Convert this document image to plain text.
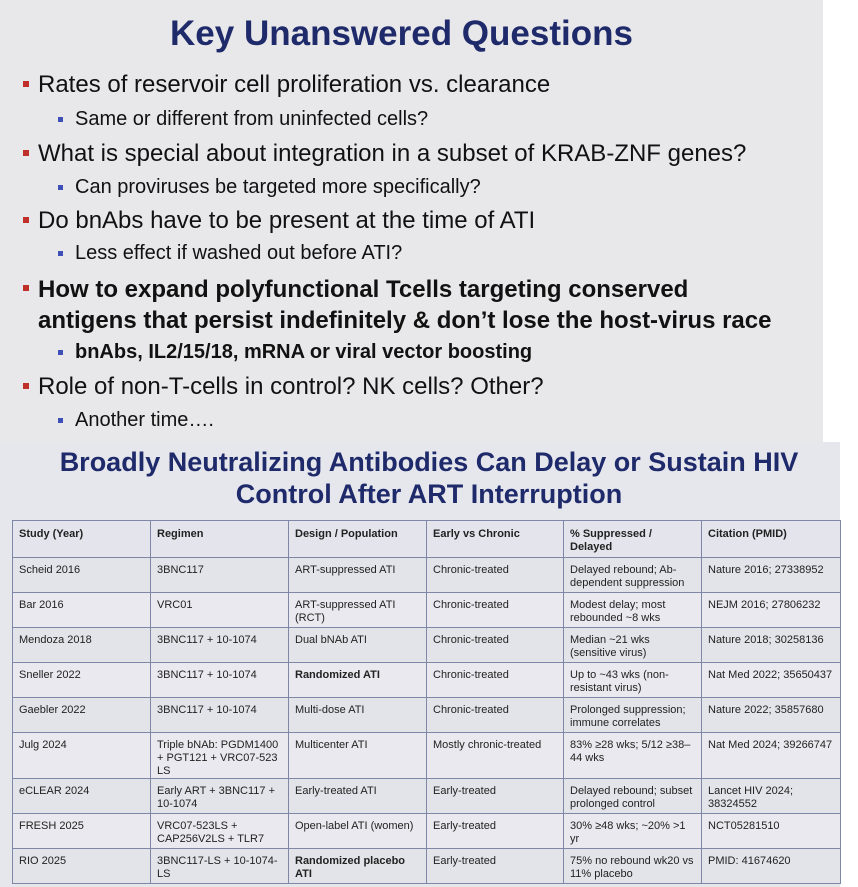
Key Unanswered Questions
Rates of reservoir cell proliferation vs. clearance
Same or different from uninfected cells?
What is special about integration in a subset of KRAB-ZNF genes?
Can proviruses be targeted more specifically?
Do bnAbs have to be present at the time of ATI
Less effect if washed out before ATI?
How to expand polyfunctional Tcells targeting conserved
antigens that persist indefinitely & don’t lose the host-virus race
bnAbs, IL2/15/18, mRNA or viral vector boosting
Role of non-T-cells in control? NK cells? Other?
Another time….
Broadly Neutralizing Antibodies Can Delay or Sustain HIV
Control After ART Interruption
Study (Year)	Regimen	Design / Population	Early vs Chronic	% Suppressed / Delayed	Citation (PMID)
Scheid 2016	3BNC117	ART-suppressed ATI	Chronic-treated	Delayed rebound; Ab-dependent suppression	Nature 2016; 27338952
Bar 2016	VRC01	ART-suppressed ATI (RCT)	Chronic-treated	Modest delay; most rebounded ~8 wks	NEJM 2016; 27806232
Mendoza 2018	3BNC117 + 10-1074	Dual bNAb ATI	Chronic-treated	Median ~21 wks (sensitive virus)	Nature 2018; 30258136
Sneller 2022	3BNC117 + 10-1074	Randomized ATI	Chronic-treated	Up to ~43 wks (non-resistant virus)	Nat Med 2022; 35650437
Gaebler 2022	3BNC117 + 10-1074	Multi-dose ATI	Chronic-treated	Prolonged suppression; immune correlates	Nature 2022; 35857680
Julg 2024	Triple bNAb: PGDM1400 + PGT121 + VRC07-523 LS	Multicenter ATI	Mostly chronic-treated	83% ≥28 wks; 5/12 ≥38–44 wks	Nat Med 2024; 39266747
eCLEAR 2024	Early ART + 3BNC117 + 10-1074	Early-treated ATI	Early-treated	Delayed rebound; subset prolonged control	Lancet HIV 2024; 38324552
FRESH 2025	VRC07-523LS + CAP256V2LS + TLR7	Open-label ATI (women)	Early-treated	30% ≥48 wks; ~20% >1 yr	NCT05281510
RIO 2025	3BNC117-LS + 10-1074-LS	Randomized placebo ATI	Early-treated	75% no rebound wk20 vs 11% placebo	PMID: 41674620
